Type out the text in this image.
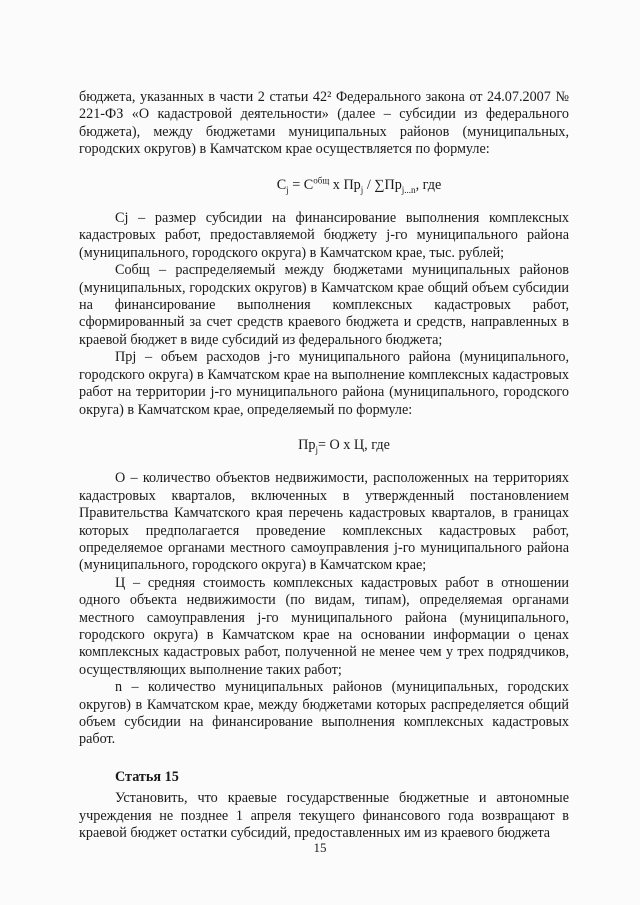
бюджета, указанных в части 2 статьи 42² Федерального закона от 24.07.2007 № 221-ФЗ «О кадастровой деятельности» (далее – субсидии из федерального бюджета), между бюджетами муниципальных районов (муниципальных, городских округов) в Камчатском крае осуществляется по формуле:

$С_j = С^{общ}$ х $Пр_j / \sum Пр_{j...n}$, где

Сj – размер субсидии на финансирование выполнения комплексных кадастровых работ, предоставляемой бюджету j-го муниципального района (муниципального, городского округа) в Камчатском крае, тыс. рублей;

Собщ – распределяемый между бюджетами муниципальных районов (муниципальных, городских округов) в Камчатском крае общий объем субсидии на финансирование выполнения комплексных кадастровых работ, сформированный за счет средств краевого бюджета и средств, направленных в краевой бюджет в виде субсидий из федерального бюджета;

Прj – объем расходов j-го муниципального района (муниципального, городского округа) в Камчатском крае на выполнение комплексных кадастровых работ на территории j-го муниципального района (муниципального, городского округа) в Камчатском крае, определяемый по формуле:

$Пр_j= О$ х Ц, где

О – количество объектов недвижимости, расположенных на территориях кадастровых кварталов, включенных в утвержденный постановлением Правительства Камчатского края перечень кадастровых кварталов, в границах которых предполагается проведение комплексных кадастровых работ, определяемое органами местного самоуправления j-го муниципального района (муниципального, городского округа) в Камчатском крае;

Ц – средняя стоимость комплексных кадастровых работ в отношении одного объекта недвижимости (по видам, типам), определяемая органами местного самоуправления j-го муниципального района (муниципального, городского округа) в Камчатском крае на основании информации о ценах комплексных кадастровых работ, полученной не менее чем у трех подрядчиков, осуществляющих выполнение таких работ;

n – количество муниципальных районов (муниципальных, городских округов) в Камчатском крае, между бюджетами которых распределяется общий объем субсидии на финансирование выполнения комплексных кадастровых работ.

Статья 15

Установить, что краевые государственные бюджетные и автономные учреждения не позднее 1 апреля текущего финансового года возвращают в краевой бюджет остатки субсидий, предоставленных им из краевого бюджета

15
